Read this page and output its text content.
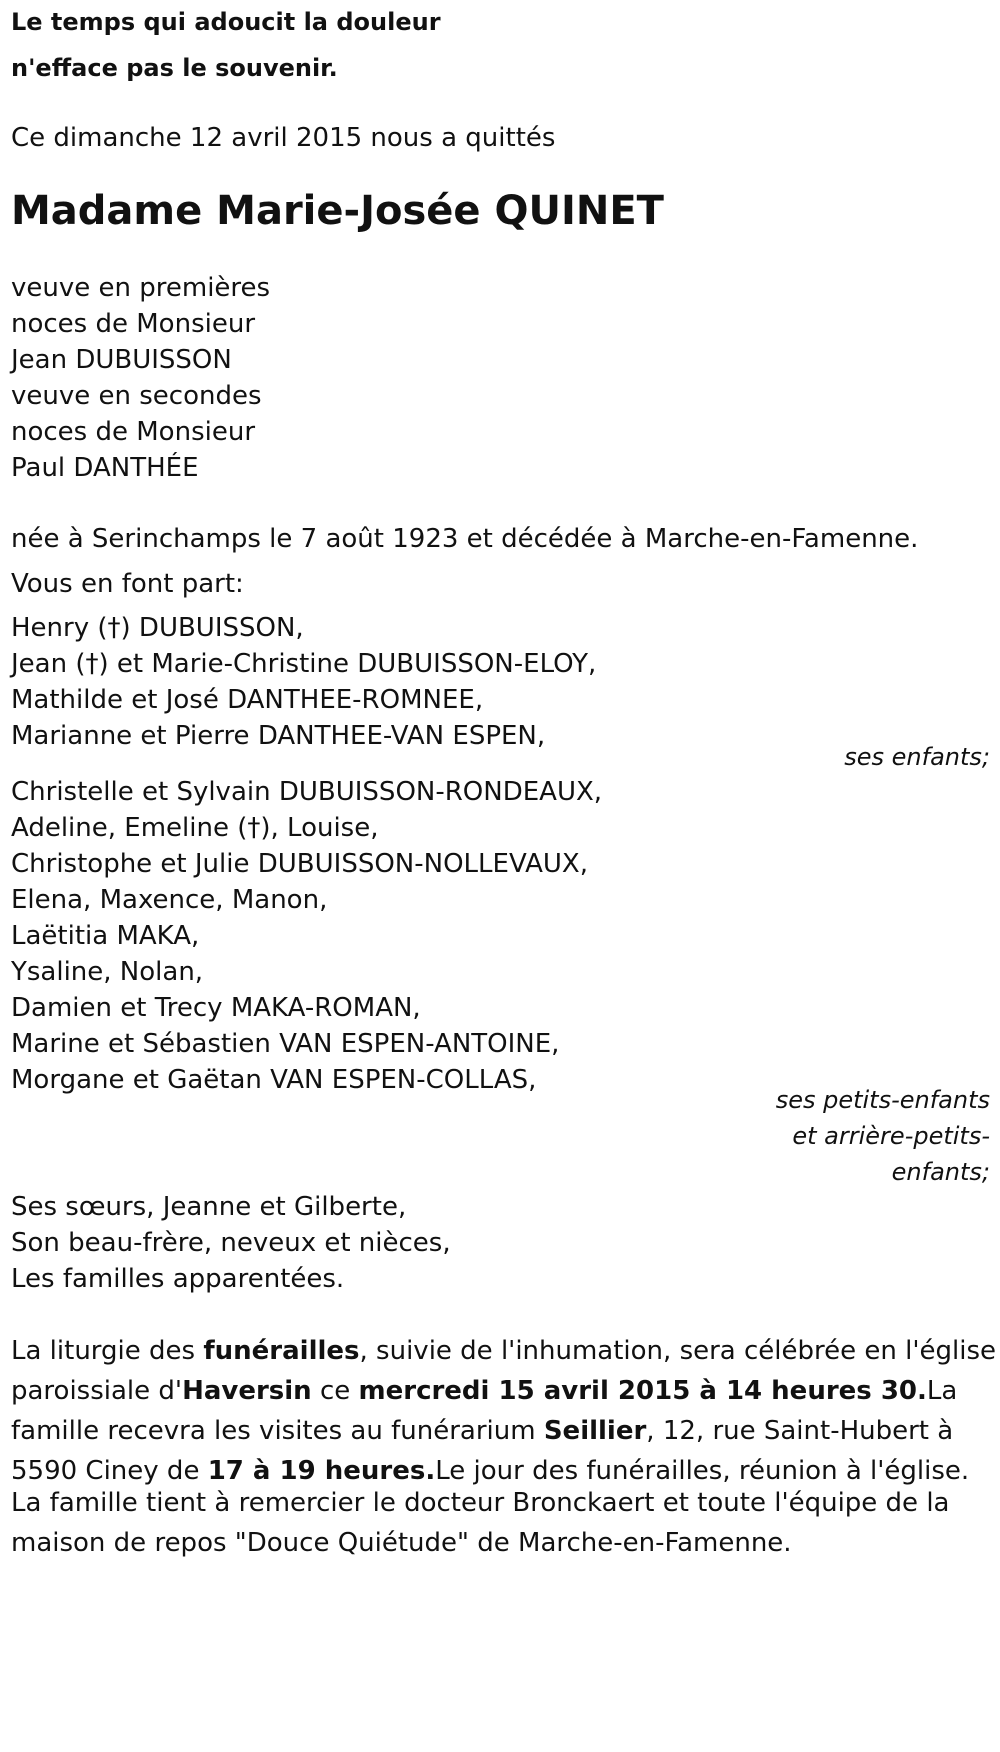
Le temps qui adoucit la douleur

n'efface pas le souvenir.

Ce dimanche 12 avril 2015 nous a quittés

Madame Marie-Josée QUINET

veuve en premières

noces de Monsieur

Jean DUBUISSON

veuve en secondes

noces de Monsieur

Paul DANTHÉE

née à Serinchamps le 7 août 1923 et décédée à Marche-en-Famenne.

Vous en font part:

Henry (†) DUBUISSON,

Jean (†) et Marie-Christine DUBUISSON-ELOY,

Mathilde et José DANTHEE-ROMNEE,

Marianne et Pierre DANTHEE-VAN ESPEN,

ses enfants;

Christelle et Sylvain DUBUISSON-RONDEAUX,

Adeline, Emeline (†), Louise,

Christophe et Julie DUBUISSON-NOLLEVAUX,

Elena, Maxence, Manon,

Laëtitia MAKA,

Ysaline, Nolan,

Damien et Trecy MAKA-ROMAN,

Marine et Sébastien VAN ESPEN-ANTOINE,

Morgane et Gaëtan VAN ESPEN-COLLAS,

ses petits-enfants

et arrière-petits-

enfants;

Ses sœurs, Jeanne et Gilberte,

Son beau-frère, neveux et nièces,

Les familles apparentées.

La liturgie des funérailles, suivie de l'inhumation, sera célébrée en l'église paroissiale d'Haversin ce mercredi 15 avril 2015 à 14 heures 30.La famille recevra les visites au funérarium Seillier, 12, rue Saint-Hubert à 5590 Ciney de 17 à 19 heures.Le jour des funérailles, réunion à l'église.

La famille tient à remercier le docteur Bronckaert et toute l'équipe de la maison de repos "Douce Quiétude" de Marche-en-Famenne.
